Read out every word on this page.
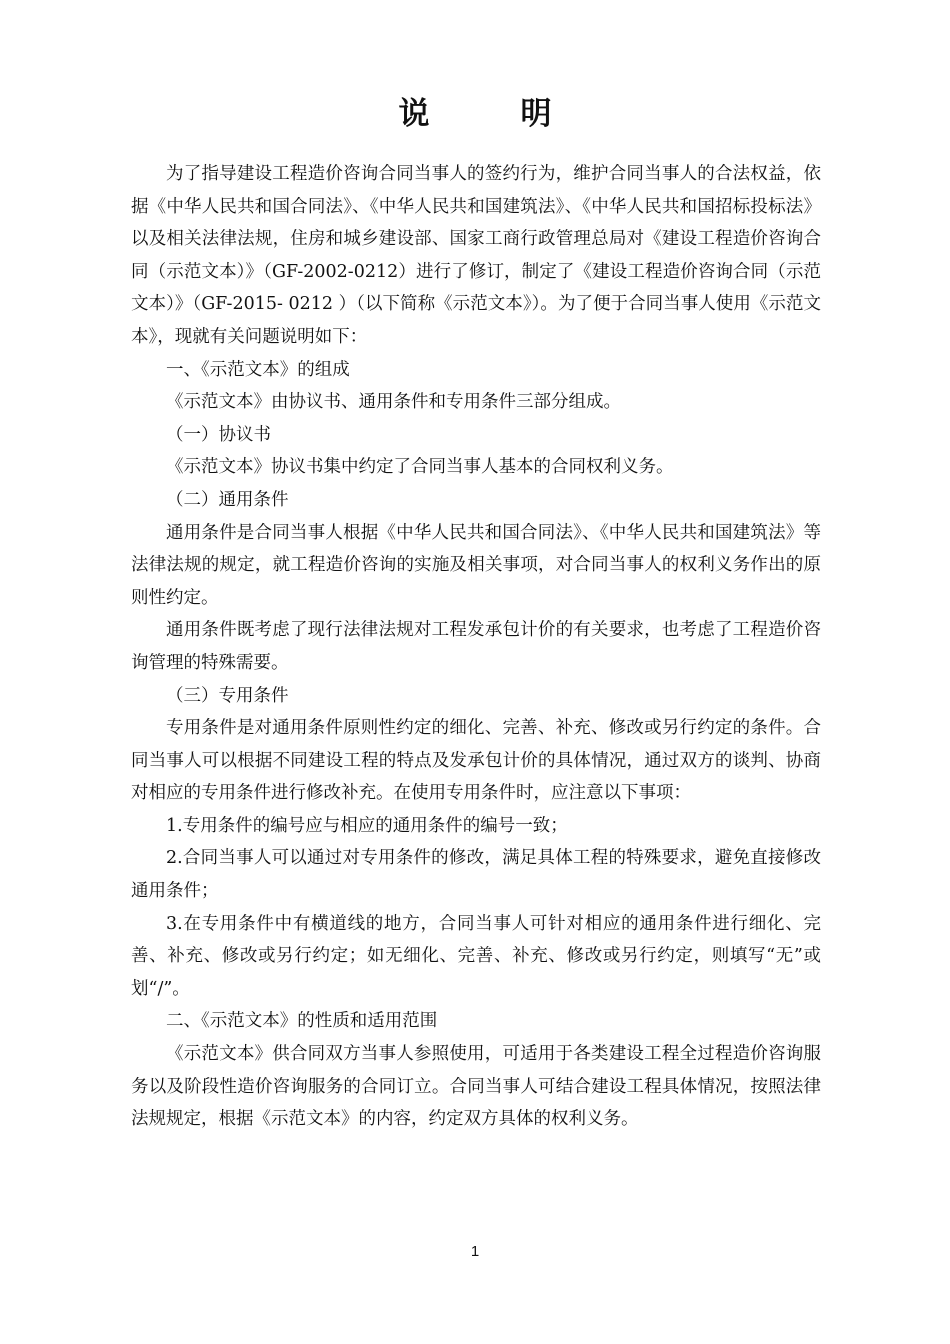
说　明

为了指导建设工程造价咨询合同当事人的签约行为，维护合同当事人的合法权益，依据《中华人民共和国合同法》、《中华人民共和国建筑法》、《中华人民共和国招标投标法》以及相关法律法规，住房和城乡建设部、国家工商行政管理总局对《建设工程造价咨询合同（示范文本）》（GF-2002-0212）进行了修订，制定了《建设工程造价咨询合同（示范文本）》（GF-2015- 0212 ）（以下简称《示范文本》）。为了便于合同当事人使用《示范文本》，现就有关问题说明如下：

一、《示范文本》的组成

《示范文本》由协议书、通用条件和专用条件三部分组成。

（一）协议书

《示范文本》协议书集中约定了合同当事人基本的合同权利义务。

（二）通用条件

通用条件是合同当事人根据《中华人民共和国合同法》、《中华人民共和国建筑法》等法律法规的规定，就工程造价咨询的实施及相关事项，对合同当事人的权利义务作出的原则性约定。

通用条件既考虑了现行法律法规对工程发承包计价的有关要求，也考虑了工程造价咨询管理的特殊需要。

（三）专用条件

专用条件是对通用条件原则性约定的细化、完善、补充、修改或另行约定的条件。合同当事人可以根据不同建设工程的特点及发承包计价的具体情况，通过双方的谈判、协商对相应的专用条件进行修改补充。在使用专用条件时，应注意以下事项：

1.专用条件的编号应与相应的通用条件的编号一致；

2.合同当事人可以通过对专用条件的修改，满足具体工程的特殊要求，避免直接修改通用条件；

3.在专用条件中有横道线的地方，合同当事人可针对相应的通用条件进行细化、完善、补充、修改或另行约定；如无细化、完善、补充、修改或另行约定，则填写“无”或划“/”。

二、《示范文本》的性质和适用范围

《示范文本》供合同双方当事人参照使用，可适用于各类建设工程全过程造价咨询服务以及阶段性造价咨询服务的合同订立。合同当事人可结合建设工程具体情况，按照法律法规规定，根据《示范文本》的内容，约定双方具体的权利义务。

1
